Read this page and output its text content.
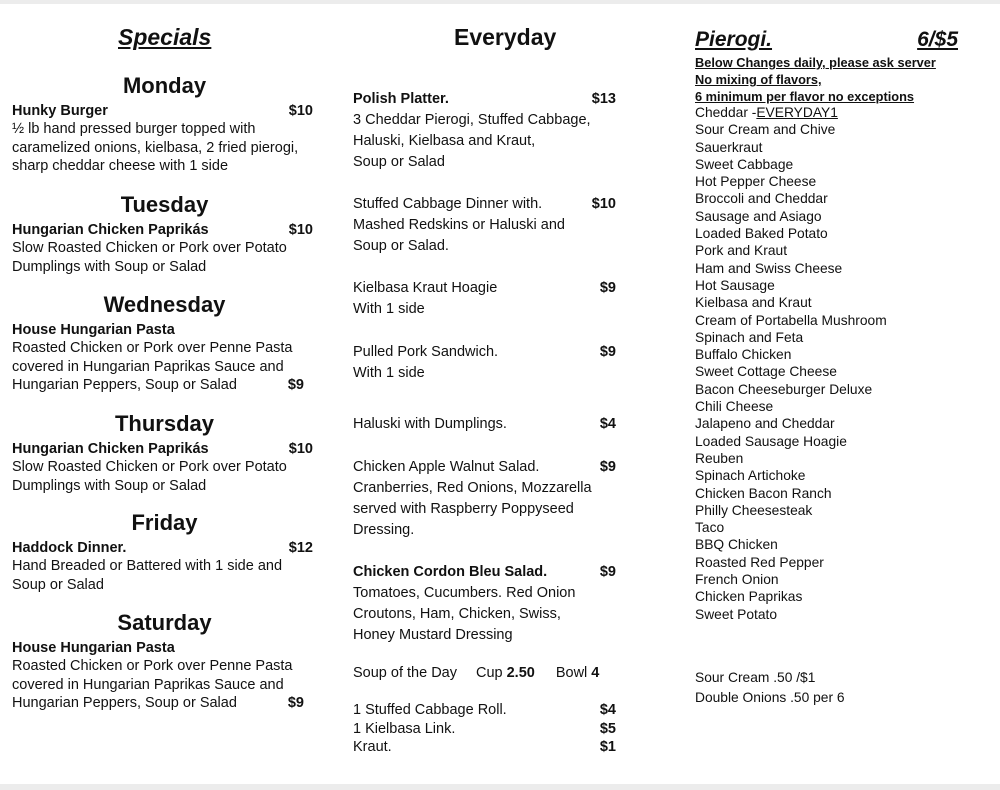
Specials
Monday
Hunky Burger	$10
½ lb hand pressed burger topped with
caramelized onions, kielbasa, 2 fried pierogi,
sharp cheddar cheese with 1 side
Tuesday
Hungarian Chicken Paprikás	$10
Slow Roasted Chicken or Pork over Potato
Dumplings with Soup or Salad
Wednesday
House Hungarian Pasta
Roasted Chicken or Pork over Penne Pasta
covered in Hungarian Paprikas Sauce and
Hungarian Peppers, Soup or Salad	$9
Thursday
Hungarian Chicken Paprikás	$10
Slow Roasted Chicken or Pork over Potato
Dumplings with Soup or Salad
Friday
Haddock Dinner.	$12
Hand Breaded or Battered with 1 side and
Soup or Salad
Saturday
House Hungarian Pasta
Roasted Chicken or Pork over Penne Pasta
covered in Hungarian Paprikas Sauce and
Hungarian Peppers, Soup or Salad	$9
Everyday
Polish Platter.	$13
3 Cheddar Pierogi, Stuffed Cabbage,
Haluski, Kielbasa and Kraut,
Soup or Salad
Stuffed Cabbage Dinner with.	$10
Mashed Redskins or Haluski and
Soup or Salad.
Kielbasa Kraut Hoagie	$9
With 1 side
Pulled Pork Sandwich.	$9
With 1 side
Haluski with Dumplings.	$4
Chicken Apple Walnut Salad.	$9
Cranberries, Red Onions, Mozzarella
served with Raspberry Poppyseed
Dressing.
Chicken Cordon Bleu Salad.	$9
Tomatoes, Cucumbers. Red Onion
Croutons, Ham, Chicken, Swiss,
Honey Mustard Dressing
Soup of the Day Cup 2.50 Bowl 4
1 Stuffed Cabbage Roll.	$4
1 Kielbasa Link.	$5
Kraut.	$1
Pierogi.	6/$5
Below Changes daily, please ask server
No mixing of flavors,
6 minimum per flavor no exceptions
Cheddar -EVERYDAY1
Sour Cream and Chive
Sauerkraut
Sweet Cabbage
Hot Pepper Cheese
Broccoli and Cheddar
Sausage and Asiago
Loaded Baked Potato
Pork and Kraut
Ham and Swiss Cheese
Hot Sausage
Kielbasa and Kraut
Cream of Portabella Mushroom
Spinach and Feta
Buffalo Chicken
Sweet Cottage Cheese
Bacon Cheeseburger Deluxe
Chili Cheese
Jalapeno and Cheddar
Loaded Sausage Hoagie
Reuben
Spinach Artichoke
Chicken Bacon Ranch
Philly Cheesesteak
Taco
BBQ Chicken
Roasted Red Pepper
French Onion
Chicken Paprikas
Sweet Potato
Sour Cream .50 /$1
Double Onions .50 per 6
